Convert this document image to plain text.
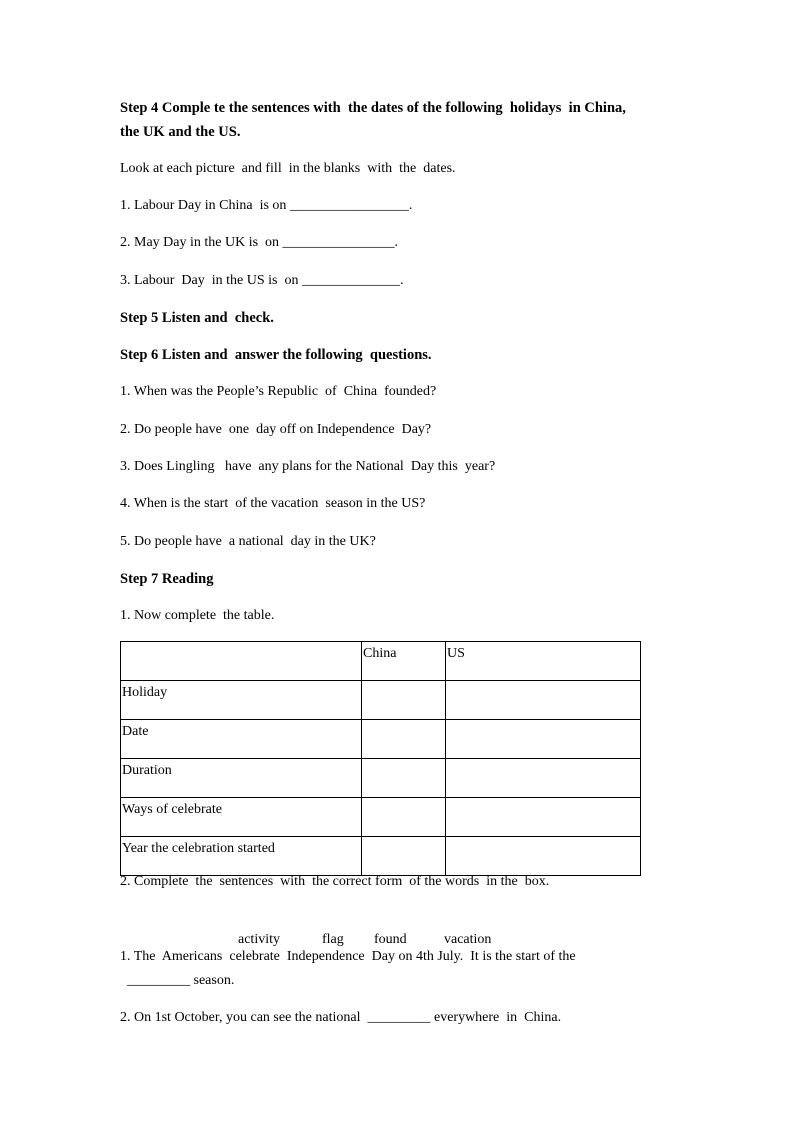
Step 4 Comple te the sentences with  the dates of the following  holidays  in China,
the UK and the US.
Look at each picture  and fill  in the blanks  with  the  dates.
1. Labour Day in China  is on _________________.
2. May Day in the UK is  on ________________.
3. Labour  Day  in the US is  on ______________.
Step 5 Listen and  check.
Step 6 Listen and  answer the following  questions.
1. When was the People’s Republic  of  China  founded?
2. Do people have  one  day off on Independence  Day?
3. Does Lingling   have  any plans for the National  Day this  year?
4. When is the start  of the vacation  season in the US?
5. Do people have  a national  day in the UK?
Step 7 Reading
1. Now complete  the table.
	China	US
Holiday		
Date		
Duration		
Ways of celebrate		
Year the celebration started		
2. Complete  the  sentences  with  the correct form  of the words  in the  box.

activity	flag found	vacation

1. The  Americans  celebrate  Independence  Day on 4th July.  It is the start of the
_________ season.
2. On 1st October, you can see the national  _________ everywhere  in  China.
